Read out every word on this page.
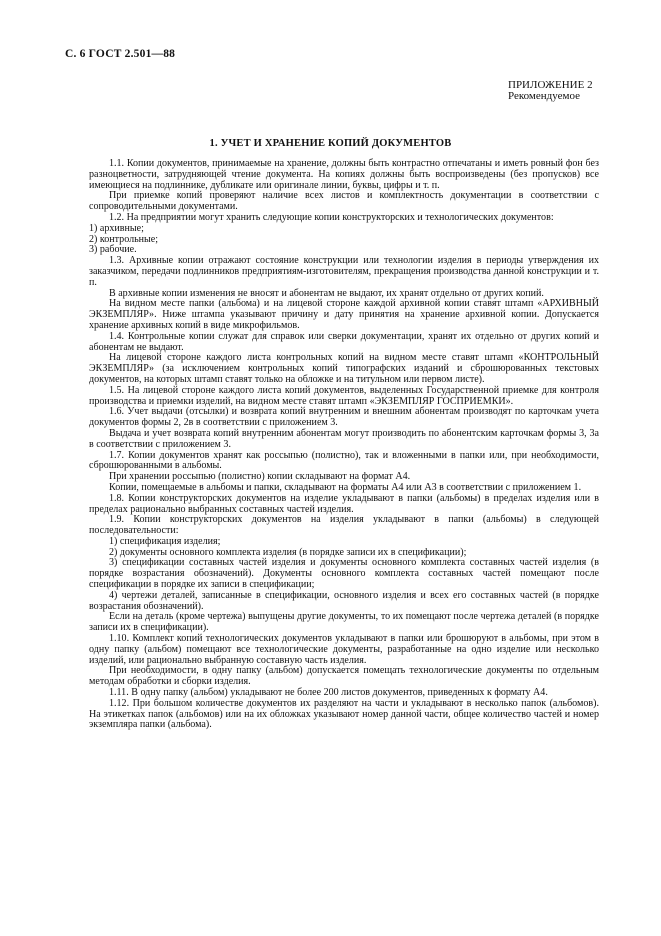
С. 6 ГОСТ 2.501—88
ПРИЛОЖЕНИЕ 2
Рекомендуемое
1. УЧЕТ И ХРАНЕНИЕ КОПИЙ ДОКУМЕНТОВ

1.1. Копии документов, принимаемые на хранение, должны быть контрастно отпечатаны и иметь ровный фон без разноцветности, затрудняющей чтение документа. На копиях должны быть воспроизведены (без пропусков) все имеющиеся на подлиннике, дубликате или оригинале линии, буквы, цифры и т. п.

При приемке копий проверяют наличие всех листов и комплектность документации в соответствии с сопроводительными документами.

1.2. На предприятии могут хранить следующие копии конструкторских и технологических документов:

1) архивные;

2) контрольные;

3) рабочие.

1.3. Архивные копии отражают состояние конструкции или технологии изделия в периоды утверждения их заказчиком, передачи подлинников предприятиям-изготовителям, прекращения производства данной конструкции и т. п.

В архивные копии изменения не вносят и абонентам не выдают, их хранят отдельно от других копий.

На видном месте папки (альбома) и на лицевой стороне каждой архивной копии ставят штамп «АРХИВНЫЙ ЭКЗЕМПЛЯР». Ниже штампа указывают причину и дату принятия на хранение архивной копии. Допускается хранение архивных копий в виде микрофильмов.

1.4. Контрольные копии служат для справок или сверки документации, хранят их отдельно от других копий и абонентам не выдают.

На лицевой стороне каждого листа контрольных копий на видном месте ставят штамп «КОНТРОЛЬНЫЙ ЭКЗЕМПЛЯР» (за исключением контрольных копий типографских изданий и сброшюрованных текстовых документов, на которых штамп ставят только на обложке и на титульном или первом листе).

1.5. На лицевой стороне каждого листа копий документов, выделенных Государственной приемке для контроля производства и приемки изделий, на видном месте ставят штамп «ЭКЗЕМПЛЯР ГОСПРИЕМКИ».

1.6. Учет выдачи (отсылки) и возврата копий внутренним и внешним абонентам производят по карточкам учета документов формы 2, 2в в соответствии с приложением 3.

Выдача и учет возврата копий внутренним абонентам могут производить по абонентским карточкам формы 3, 3а в соответствии с приложением 3.

1.7. Копии документов хранят как россыпью (полистно), так и вложенными в папки или, при необходимости, сброшюрованными в альбомы.

При хранении россыпью (полистно) копии складывают на формат А4.

Копии, помещаемые в альбомы и папки, складывают на форматы А4 или А3 в соответствии с приложением 1.

1.8. Копии конструкторских документов на изделие укладывают в папки (альбомы) в пределах изделия или в пределах рационально выбранных составных частей изделия.

1.9. Копии конструкторских документов на изделия укладывают в папки (альбомы) в следующей последовательности:

1) спецификация изделия;

2) документы основного комплекта изделия (в порядке записи их в спецификации);

3) спецификации составных частей изделия и документы основного комплекта составных частей изделия (в порядке возрастания обозначений). Документы основного комплекта составных частей помещают после спецификации в порядке их записи в спецификации;

4) чертежи деталей, записанные в спецификации, основного изделия и всех его составных частей (в порядке возрастания обозначений).

Если на деталь (кроме чертежа) выпущены другие документы, то их помещают после чертежа деталей (в порядке записи их в спецификации).

1.10. Комплект копий технологических документов укладывают в папки или брошюруют в альбомы, при этом в одну папку (альбом) помещают все технологические документы, разработанные на одно изделие или несколько изделий, или рационально выбранную составную часть изделия.

При необходимости, в одну папку (альбом) допускается помещать технологические документы по отдельным методам обработки и сборки изделия.

1.11. В одну папку (альбом) укладывают не более 200 листов документов, приведенных к формату А4.

1.12. При большом количестве документов их разделяют на части и укладывают в несколько папок (альбомов). На этикетках папок (альбомов) или на их обложках указывают номер данной части, общее количество частей и номер экземпляра папки (альбома).
